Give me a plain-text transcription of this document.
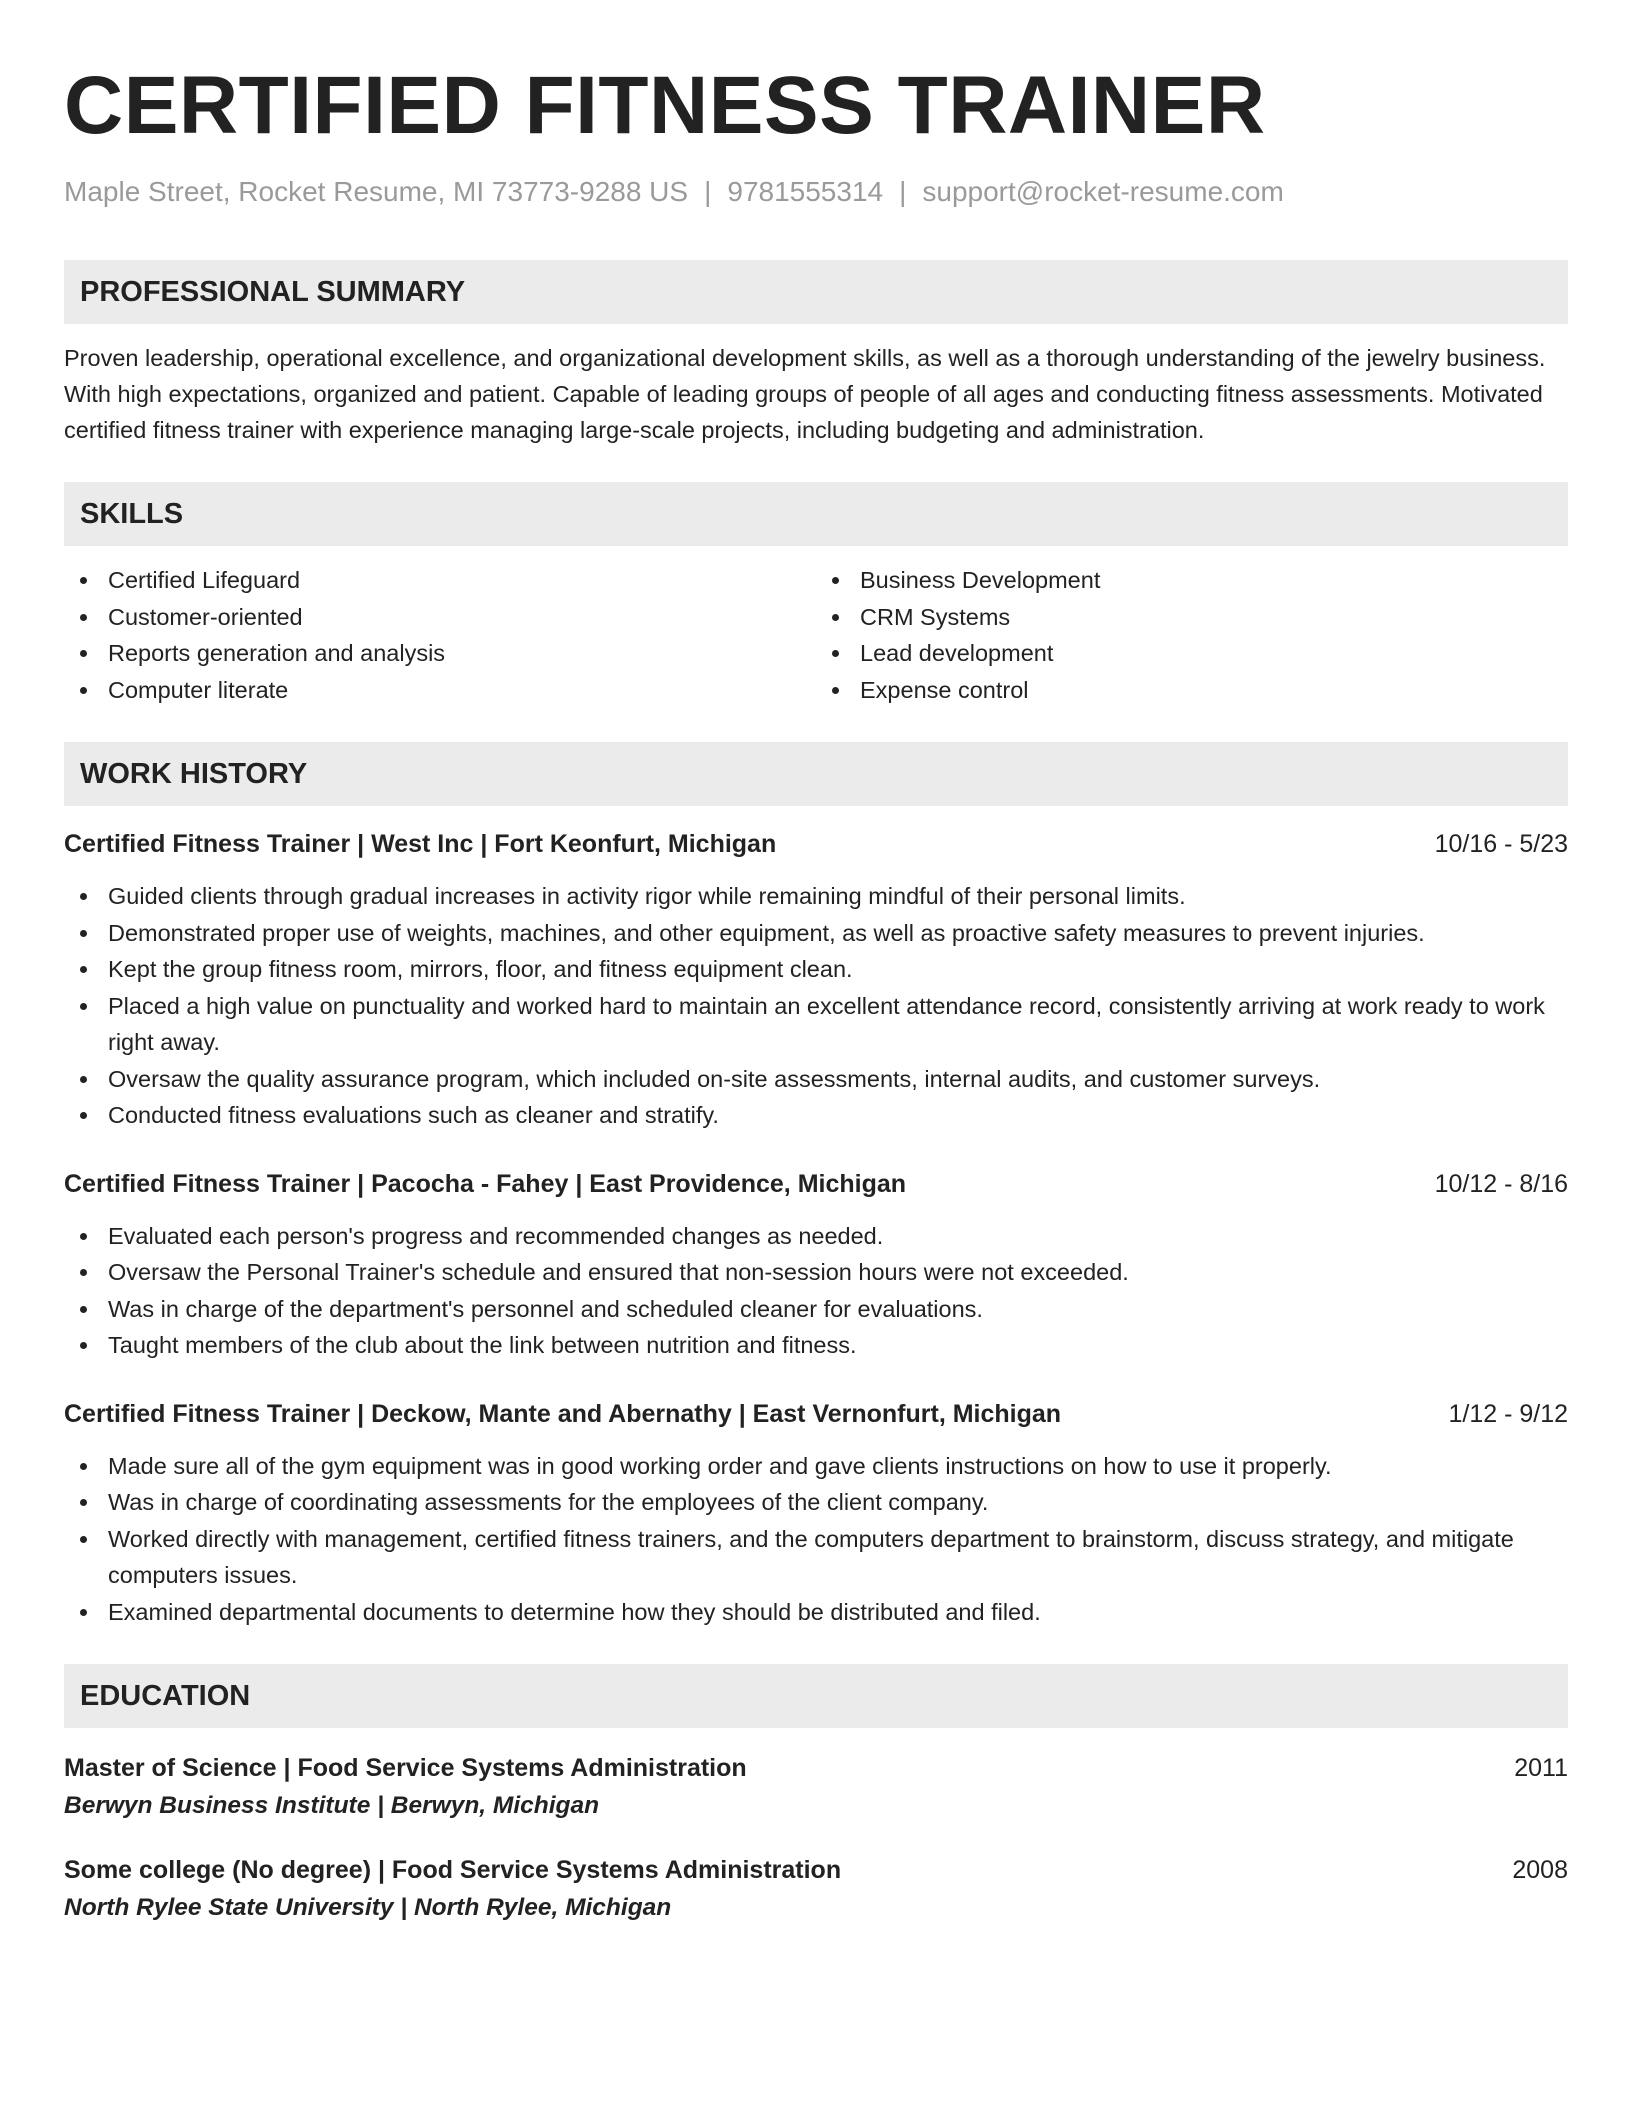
CERTIFIED FITNESS TRAINER
Maple Street, Rocket Resume, MI 73773-9288 US | 9781555314 | support@rocket-resume.com
PROFESSIONAL SUMMARY

Proven leadership, operational excellence, and organizational development skills, as well as a thorough understanding of the jewelry business. With high expectations, organized and patient. Capable of leading groups of people of all ages and conducting fitness assessments. Motivated certified fitness trainer with experience managing large-scale projects, including budgeting and administration.

SKILLS
Certified Lifeguard
Customer-oriented
Reports generation and analysis
Computer literate
Business Development
CRM Systems
Lead development
Expense control
WORK HISTORY
Certified Fitness Trainer | West Inc | Fort Keonfurt, Michigan	10/16 - 5/23
Guided clients through gradual increases in activity rigor while remaining mindful of their personal limits.
Demonstrated proper use of weights, machines, and other equipment, as well as proactive safety measures to prevent injuries.
Kept the group fitness room, mirrors, floor, and fitness equipment clean.
Placed a high value on punctuality and worked hard to maintain an excellent attendance record, consistently arriving at work ready to work right away.
Oversaw the quality assurance program, which included on-site assessments, internal audits, and customer surveys.
Conducted fitness evaluations such as cleaner and stratify.
Certified Fitness Trainer | Pacocha - Fahey | East Providence, Michigan	10/12 - 8/16
Evaluated each person's progress and recommended changes as needed.
Oversaw the Personal Trainer's schedule and ensured that non-session hours were not exceeded.
Was in charge of the department's personnel and scheduled cleaner for evaluations.
Taught members of the club about the link between nutrition and fitness.
Certified Fitness Trainer | Deckow, Mante and Abernathy | East Vernonfurt, Michigan	1/12 - 9/12
Made sure all of the gym equipment was in good working order and gave clients instructions on how to use it properly.
Was in charge of coordinating assessments for the employees of the client company.
Worked directly with management, certified fitness trainers, and the computers department to brainstorm, discuss strategy, and mitigate computers issues.
Examined departmental documents to determine how they should be distributed and filed.
EDUCATION
Master of Science | Food Service Systems Administration	2011
Berwyn Business Institute | Berwyn, Michigan
Some college (No degree) | Food Service Systems Administration	2008
North Rylee State University | North Rylee, Michigan
